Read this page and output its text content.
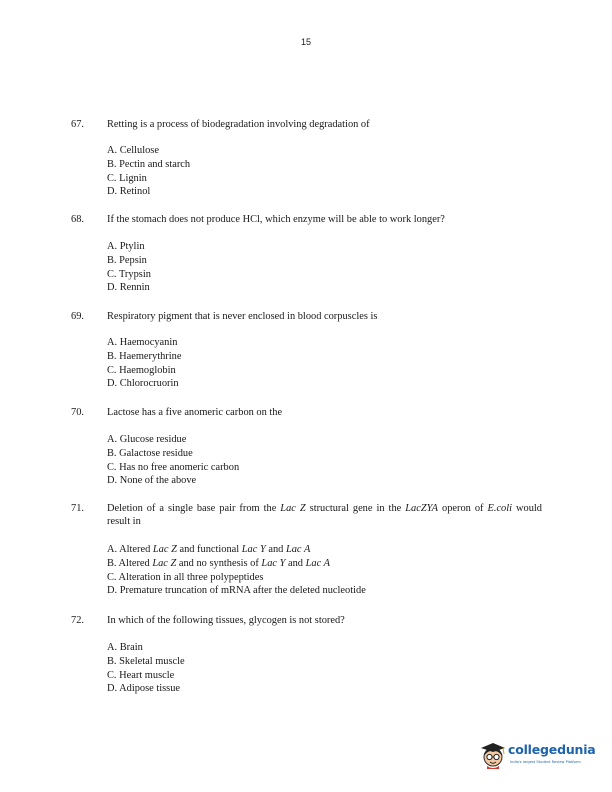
15
67. Retting is a process of biodegradation involving degradation of
A. Cellulose
B. Pectin and starch
C. Lignin
D. Retinol
68. If the stomach does not produce HCl, which enzyme will be able to work longer?
A. Ptylin
B. Pepsin
C. Trypsin
D. Rennin
69. Respiratory pigment that is never enclosed in blood corpuscles is
A. Haemocyanin
B. Haemerythrine
C. Haemoglobin
D. Chlorocruorin
70. Lactose has a five anomeric carbon on the
A. Glucose residue
B. Galactose residue
C. Has no free anomeric carbon
D. None of the above
71. Deletion of a single base pair from the Lac Z structural gene in the LacZYA operon of E.coli would result in
A. Altered Lac Z and functional Lac Y and Lac A
B. Altered Lac Z and no synthesis of Lac Y and Lac A
C. Alteration in all three polypeptides
D. Premature truncation of mRNA after the deleted nucleotide
72. In which of the following tissues, glycogen is not stored?
A. Brain
B. Skeletal muscle
C. Heart muscle
D. Adipose tissue
collegedunia
India's largest Student Review Platform
